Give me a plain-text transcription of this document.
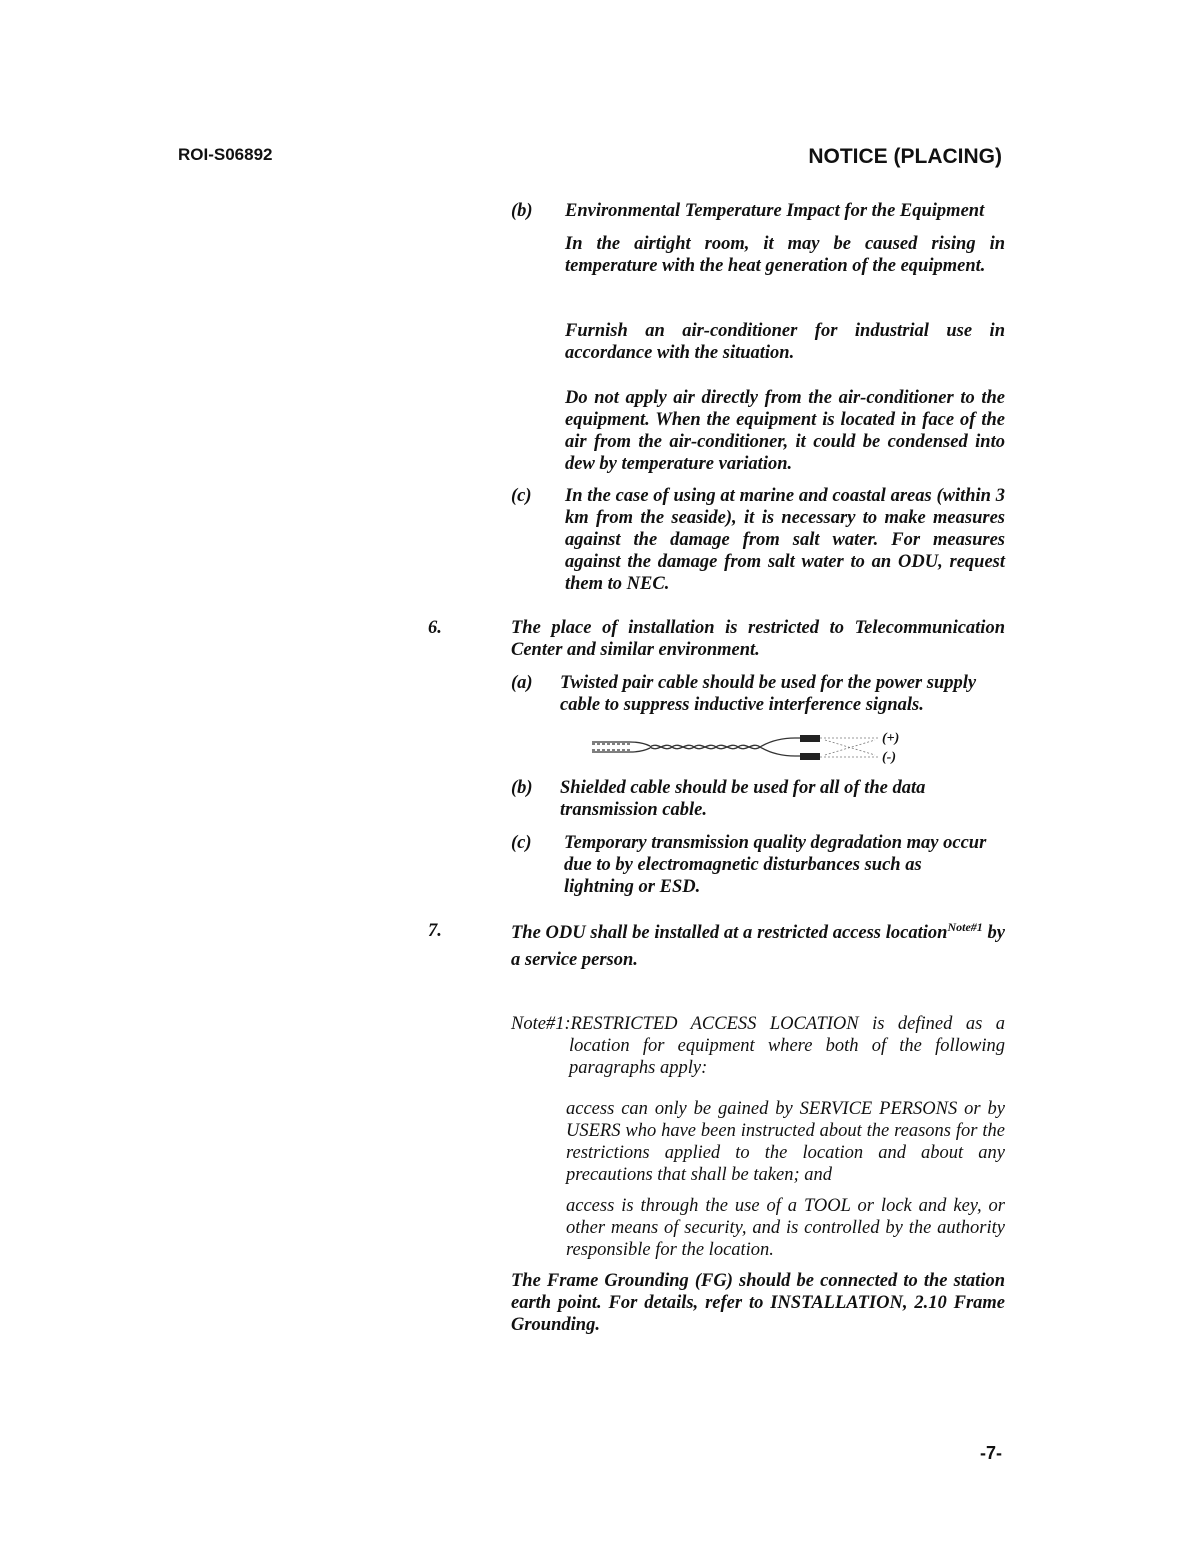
ROI-S06892	NOTICE (PLACING)
(b) Environmental Temperature Impact for the Equipment

In the airtight room, it may be caused rising in temperature with the heat generation of the equipment.

Furnish an air-conditioner for industrial use in accordance with the situation.

Do not apply air directly from the air-conditioner to the equipment. When the equipment is located in face of the air from the air-conditioner, it could be condensed into dew by temperature variation.

(c) In the case of using at marine and coastal areas (within 3 km from the seaside), it is necessary to make measures against the damage from salt water. For measures against the damage from salt water to an ODU, request them to NEC.

6.	The place of installation is restricted to Telecommunication Center and similar environment.

(a) Twisted pair cable should be used for the power supply cable to suppress inductive interference signals.

(+)
(-)
(b) Shielded cable should be used for all of the data transmission cable.

(c) Temporary transmission quality degradation may occur due to by electromagnetic disturbances such as lightning or ESD.

7.	The ODU shall be installed at a restricted access location$^{Note\#1}$ by a service person.

Note#1:RESTRICTED ACCESS LOCATION is defined as a location for equipment where both of the following paragraphs apply:

access can only be gained by SERVICE PERSONS or by USERS who have been instructed about the reasons for the restrictions applied to the location and about any precautions that shall be taken; and

access is through the use of a TOOL or lock and key, or other means of security, and is controlled by the authority responsible for the location.

The Frame Grounding (FG) should be connected to the station earth point. For details, refer to INSTALLATION, 2.10 Frame Grounding.

-7-
